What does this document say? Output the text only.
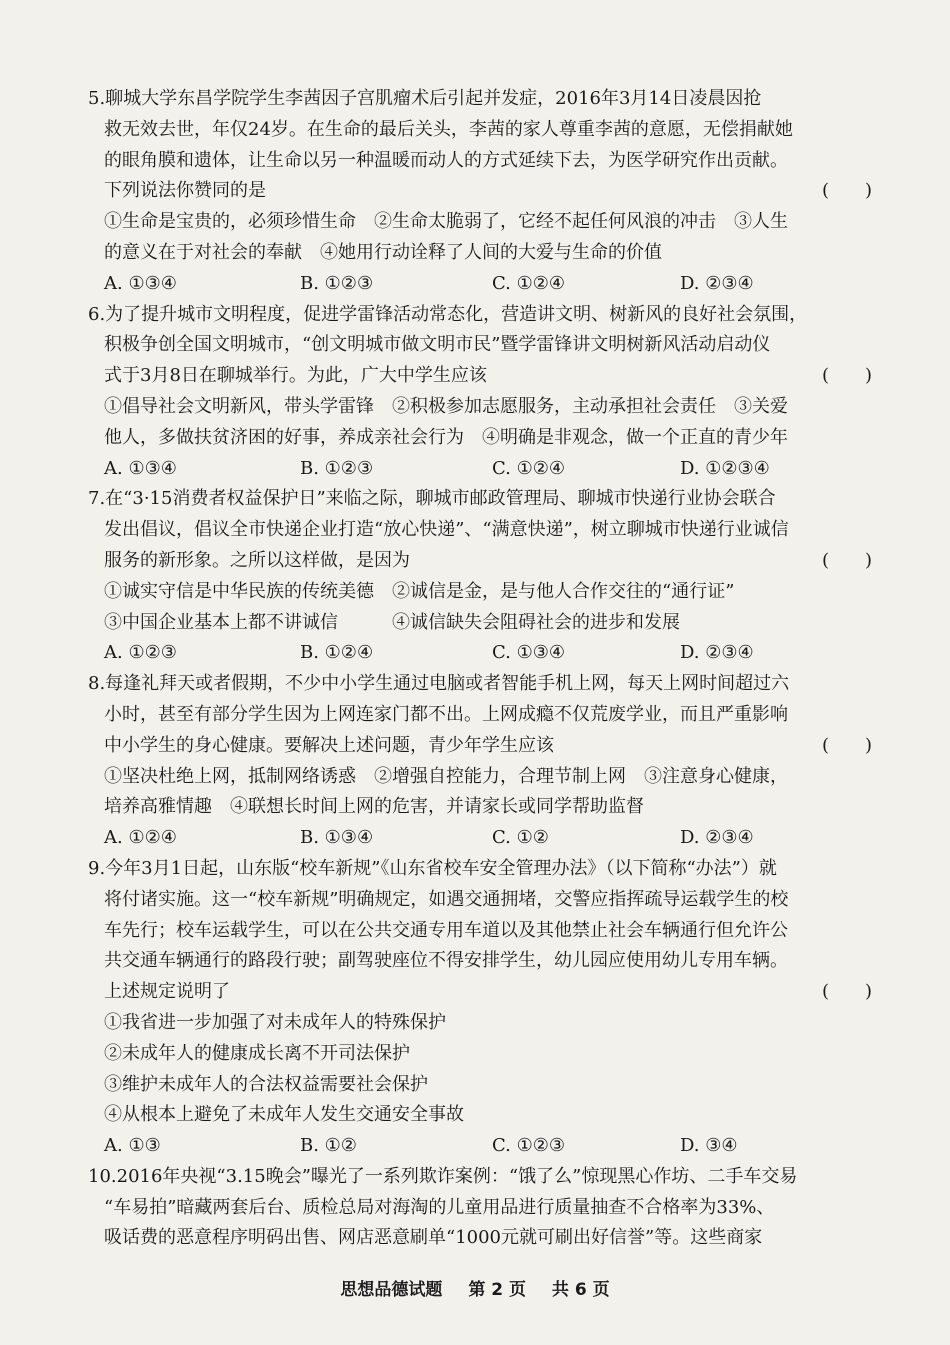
5.聊城大学东昌学院学生李茜因子宫肌瘤术后引起并发症，2016年3月14日凌晨因抢
救无效去世，年仅24岁。在生命的最后关头，李茜的家人尊重李茜的意愿，无偿捐献她
的眼角膜和遗体，让生命以另一种温暖而动人的方式延续下去，为医学研究作出贡献。
下列说法你赞同的是	(　　)
①生命是宝贵的，必须珍惜生命　②生命太脆弱了，它经不起任何风浪的冲击　③人生
的意义在于对社会的奉献　④她用行动诠释了人间的大爱与生命的价值
A. ①③④	B. ①②③	C. ①②④	D. ②③④
6.为了提升城市文明程度，促进学雷锋活动常态化，营造讲文明、树新风的良好社会氛围，
积极争创全国文明城市，“创文明城市做文明市民”暨学雷锋讲文明树新风活动启动仪
式于3月8日在聊城举行。为此，广大中学生应该	(　　)
①倡导社会文明新风，带头学雷锋　②积极参加志愿服务，主动承担社会责任　③关爱
他人，多做扶贫济困的好事，养成亲社会行为　④明确是非观念，做一个正直的青少年
A. ①③④	B. ①②③	C. ①②④	D. ①②③④
7.在“3·15消费者权益保护日”来临之际，聊城市邮政管理局、聊城市快递行业协会联合
发出倡议，倡议全市快递企业打造“放心快递”、“满意快递”，树立聊城市快递行业诚信
服务的新形象。之所以这样做，是因为	(　　)
①诚实守信是中华民族的传统美德　②诚信是金，是与他人合作交往的“通行证”
③中国企业基本上都不讲诚信　　　④诚信缺失会阻碍社会的进步和发展
A. ①②③	B. ①②④	C. ①③④	D. ②③④
8.每逢礼拜天或者假期，不少中小学生通过电脑或者智能手机上网，每天上网时间超过六
小时，甚至有部分学生因为上网连家门都不出。上网成瘾不仅荒废学业，而且严重影响
中小学生的身心健康。要解决上述问题，青少年学生应该	(　　)
①坚决杜绝上网，抵制网络诱惑　②增强自控能力，合理节制上网　③注意身心健康，
培养高雅情趣　④联想长时间上网的危害，并请家长或同学帮助监督
A. ①②④	B. ①③④	C. ①②	D. ②③④
9.今年3月1日起，山东版“校车新规”《山东省校车安全管理办法》（以下简称“办法”）就
将付诸实施。这一“校车新规”明确规定，如遇交通拥堵，交警应指挥疏导运载学生的校
车先行；校车运载学生，可以在公共交通专用车道以及其他禁止社会车辆通行但允许公
共交通车辆通行的路段行驶；副驾驶座位不得安排学生，幼儿园应使用幼儿专用车辆。
上述规定说明了	(　　)
①我省进一步加强了对未成年人的特殊保护
②未成年人的健康成长离不开司法保护
③维护未成年人的合法权益需要社会保护
④从根本上避免了未成年人发生交通安全事故
A. ①③	B. ①②	C. ①②③	D. ③④
10.2016年央视“3.15晚会”曝光了一系列欺诈案例：“饿了么”惊现黑心作坊、二手车交易
“车易拍”暗藏两套后台、质检总局对海淘的儿童用品进行质量抽查不合格率为33%、
吸话费的恶意程序明码出售、网店恶意刷单“1000元就可刷出好信誉”等。这些商家
思想品德试题 第 2 页 共 6 页
